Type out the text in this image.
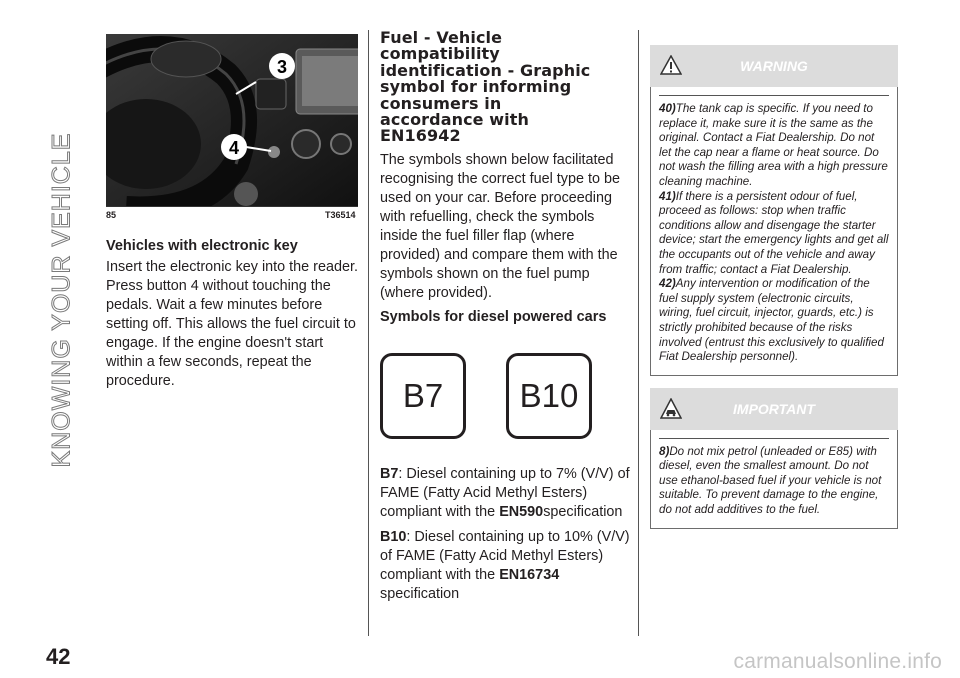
KNOWING YOUR VEHICLE
3
4
85	T36514
Vehicles with electronic key

Insert the electronic key into the reader. Press button 4 without touching the pedals. Wait a few minutes before setting off. This allows the fuel circuit to engage. If the engine doesn't start within a few seconds, repeat the procedure.

Fuel - Vehicle
compatibility
identification - Graphic
symbol for informing
consumers in
accordance with
EN16942

The symbols shown below facilitated recognising the correct fuel type to be used on your car. Before proceeding with refuelling, check the symbols inside the fuel filler flap (where provided) and compare them with the symbols shown on the fuel pump (where provided).

Symbols for diesel powered cars
B7	B10

B7: Diesel containing up to 7% (V/V) of FAME (Fatty Acid Methyl Esters) compliant with the EN590specification

B10: Diesel containing up to 10% (V/V) of FAME (Fatty Acid Methyl Esters) compliant with the EN16734
specification

WARNING

40)The tank cap is specific. If you need to replace it, make sure it is the same as the original. Contact a Fiat Dealership. Do not let the cap near a flame or heat source. Do not wash the filling area with a high pressure cleaning machine.

41)If there is a persistent odour of fuel, proceed as follows: stop when traffic conditions allow and disengage the starter device; start the emergency lights and get all the occupants out of the vehicle and away from traffic; contact a Fiat Dealership.

42)Any intervention or modification of the fuel supply system (electronic circuits, wiring, fuel circuit, injector, guards, etc.) is strictly prohibited because of the risks involved (entrust this exclusively to qualified Fiat Dealership personnel).

IMPORTANT

8)Do not mix petrol (unleaded or E85) with diesel, even the smallest amount. Do not use ethanol-based fuel if your vehicle is not suitable. To prevent damage to the engine, do not add additives to the fuel.

42	carmanualsonline.info
